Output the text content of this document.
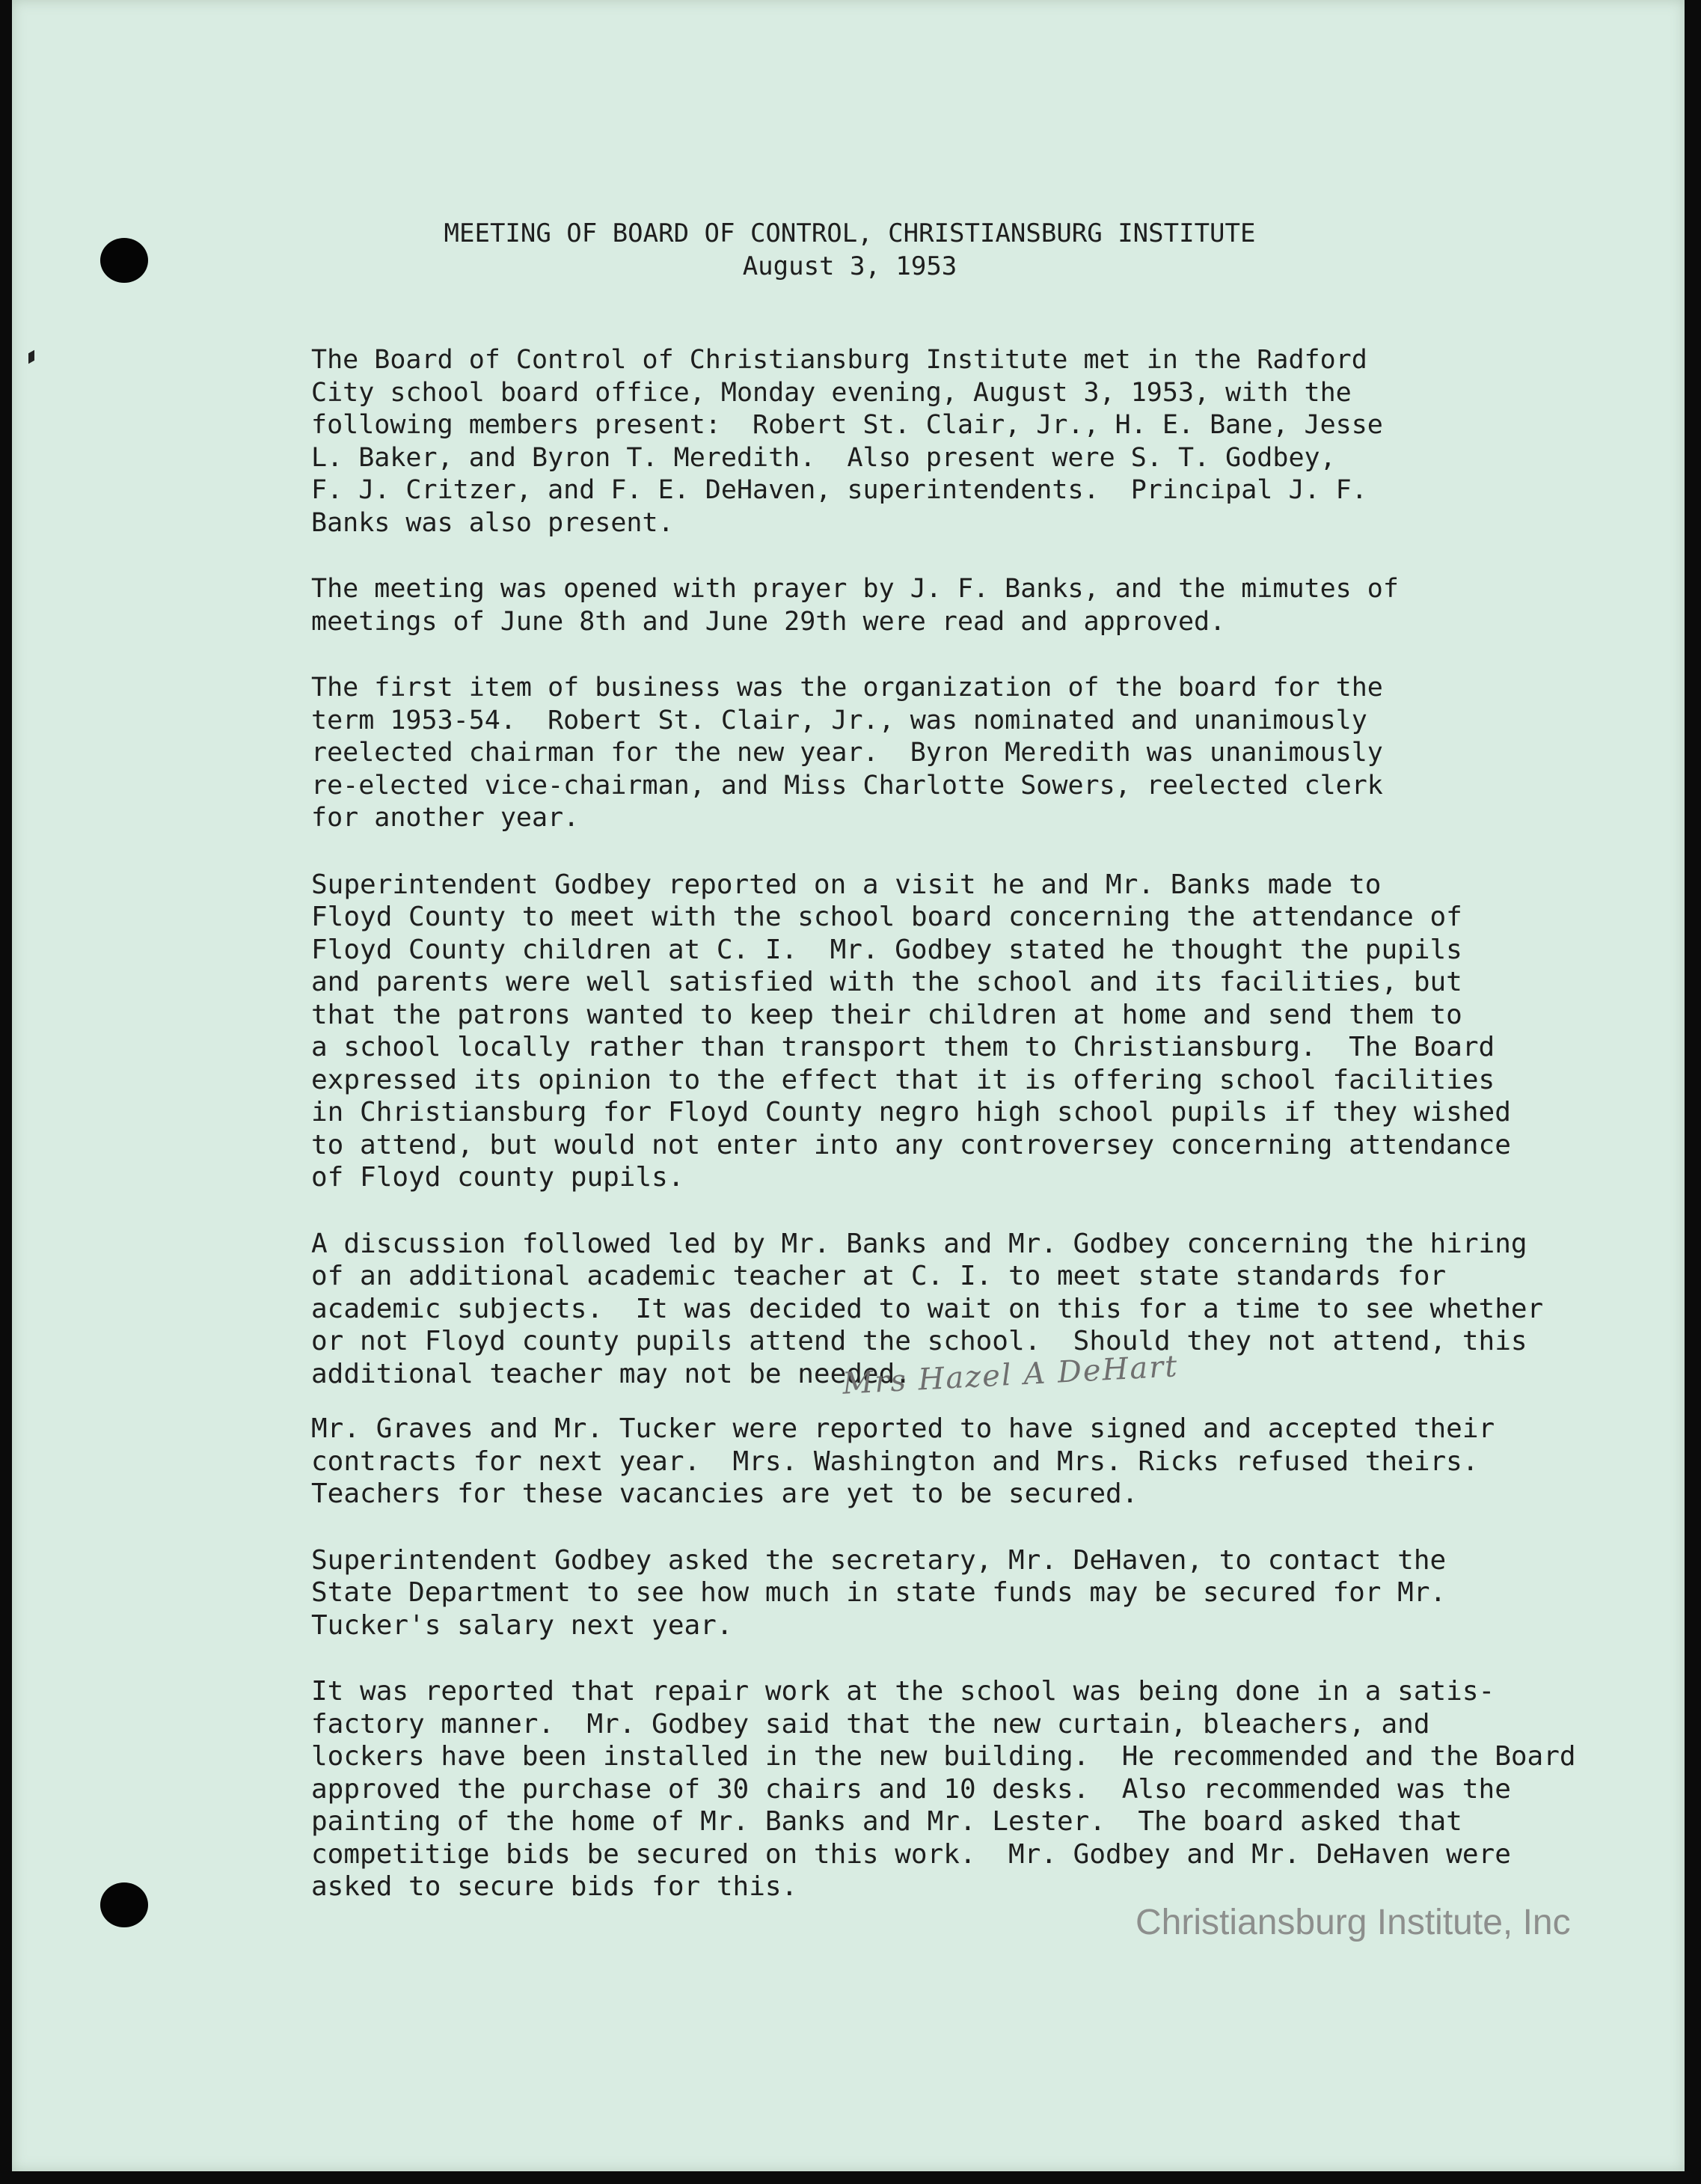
MEETING OF BOARD OF CONTROL, CHRISTIANSBURG INSTITUTE
August 3, 1953
The Board of Control of Christiansburg Institute met in the Radford
City school board office, Monday evening, August 3, 1953, with the
following members present:  Robert St. Clair, Jr., H. E. Bane, Jesse
L. Baker, and Byron T. Meredith.  Also present were S. T. Godbey,
F. J. Critzer, and F. E. DeHaven, superintendents.  Principal J. F.
Banks was also present.
The meeting was opened with prayer by J. F. Banks, and the mimutes of
meetings of June 8th and June 29th were read and approved.
The first item of business was the organization of the board for the
term 1953-54.  Robert St. Clair, Jr., was nominated and unanimously
reelected chairman for the new year.  Byron Meredith was unanimously
re-elected vice-chairman, and Miss Charlotte Sowers, reelected clerk
for another year.
Superintendent Godbey reported on a visit he and Mr. Banks made to
Floyd County to meet with the school board concerning the attendance of
Floyd County children at C. I.  Mr. Godbey stated he thought the pupils
and parents were well satisfied with the school and its facilities, but
that the patrons wanted to keep their children at home and send them to
a school locally rather than transport them to Christiansburg.  The Board
expressed its opinion to the effect that it is offering school facilities
in Christiansburg for Floyd County negro high school pupils if they wished
to attend, but would not enter into any controversey concerning attendance
of Floyd county pupils.
A discussion followed led by Mr. Banks and Mr. Godbey concerning the hiring
of an additional academic teacher at C. I. to meet state standards for
academic subjects.  It was decided to wait on this for a time to see whether
or not Floyd county pupils attend the school.  Should they not attend, this
additional teacher may not be needed.
Mr. Graves and Mr. Tucker were reported to have signed and accepted their
contracts for next year.  Mrs. Washington and Mrs. Ricks refused theirs.
Teachers for these vacancies are yet to be secured.
Superintendent Godbey asked the secretary, Mr. DeHaven, to contact the
State Department to see how much in state funds may be secured for Mr.
Tucker's salary next year.
It was reported that repair work at the school was being done in a satis-
factory manner.  Mr. Godbey said that the new curtain, bleachers, and
lockers have been installed in the new building.  He recommended and the Board
approved the purchase of 30 chairs and 10 desks.  Also recommended was the
painting of the home of Mr. Banks and Mr. Lester.  The board asked that
competitige bids be secured on this work.  Mr. Godbey and Mr. DeHaven were
asked to secure bids for this.
Mrs Hazel A DeHart
Christiansburg Institute, Inc
